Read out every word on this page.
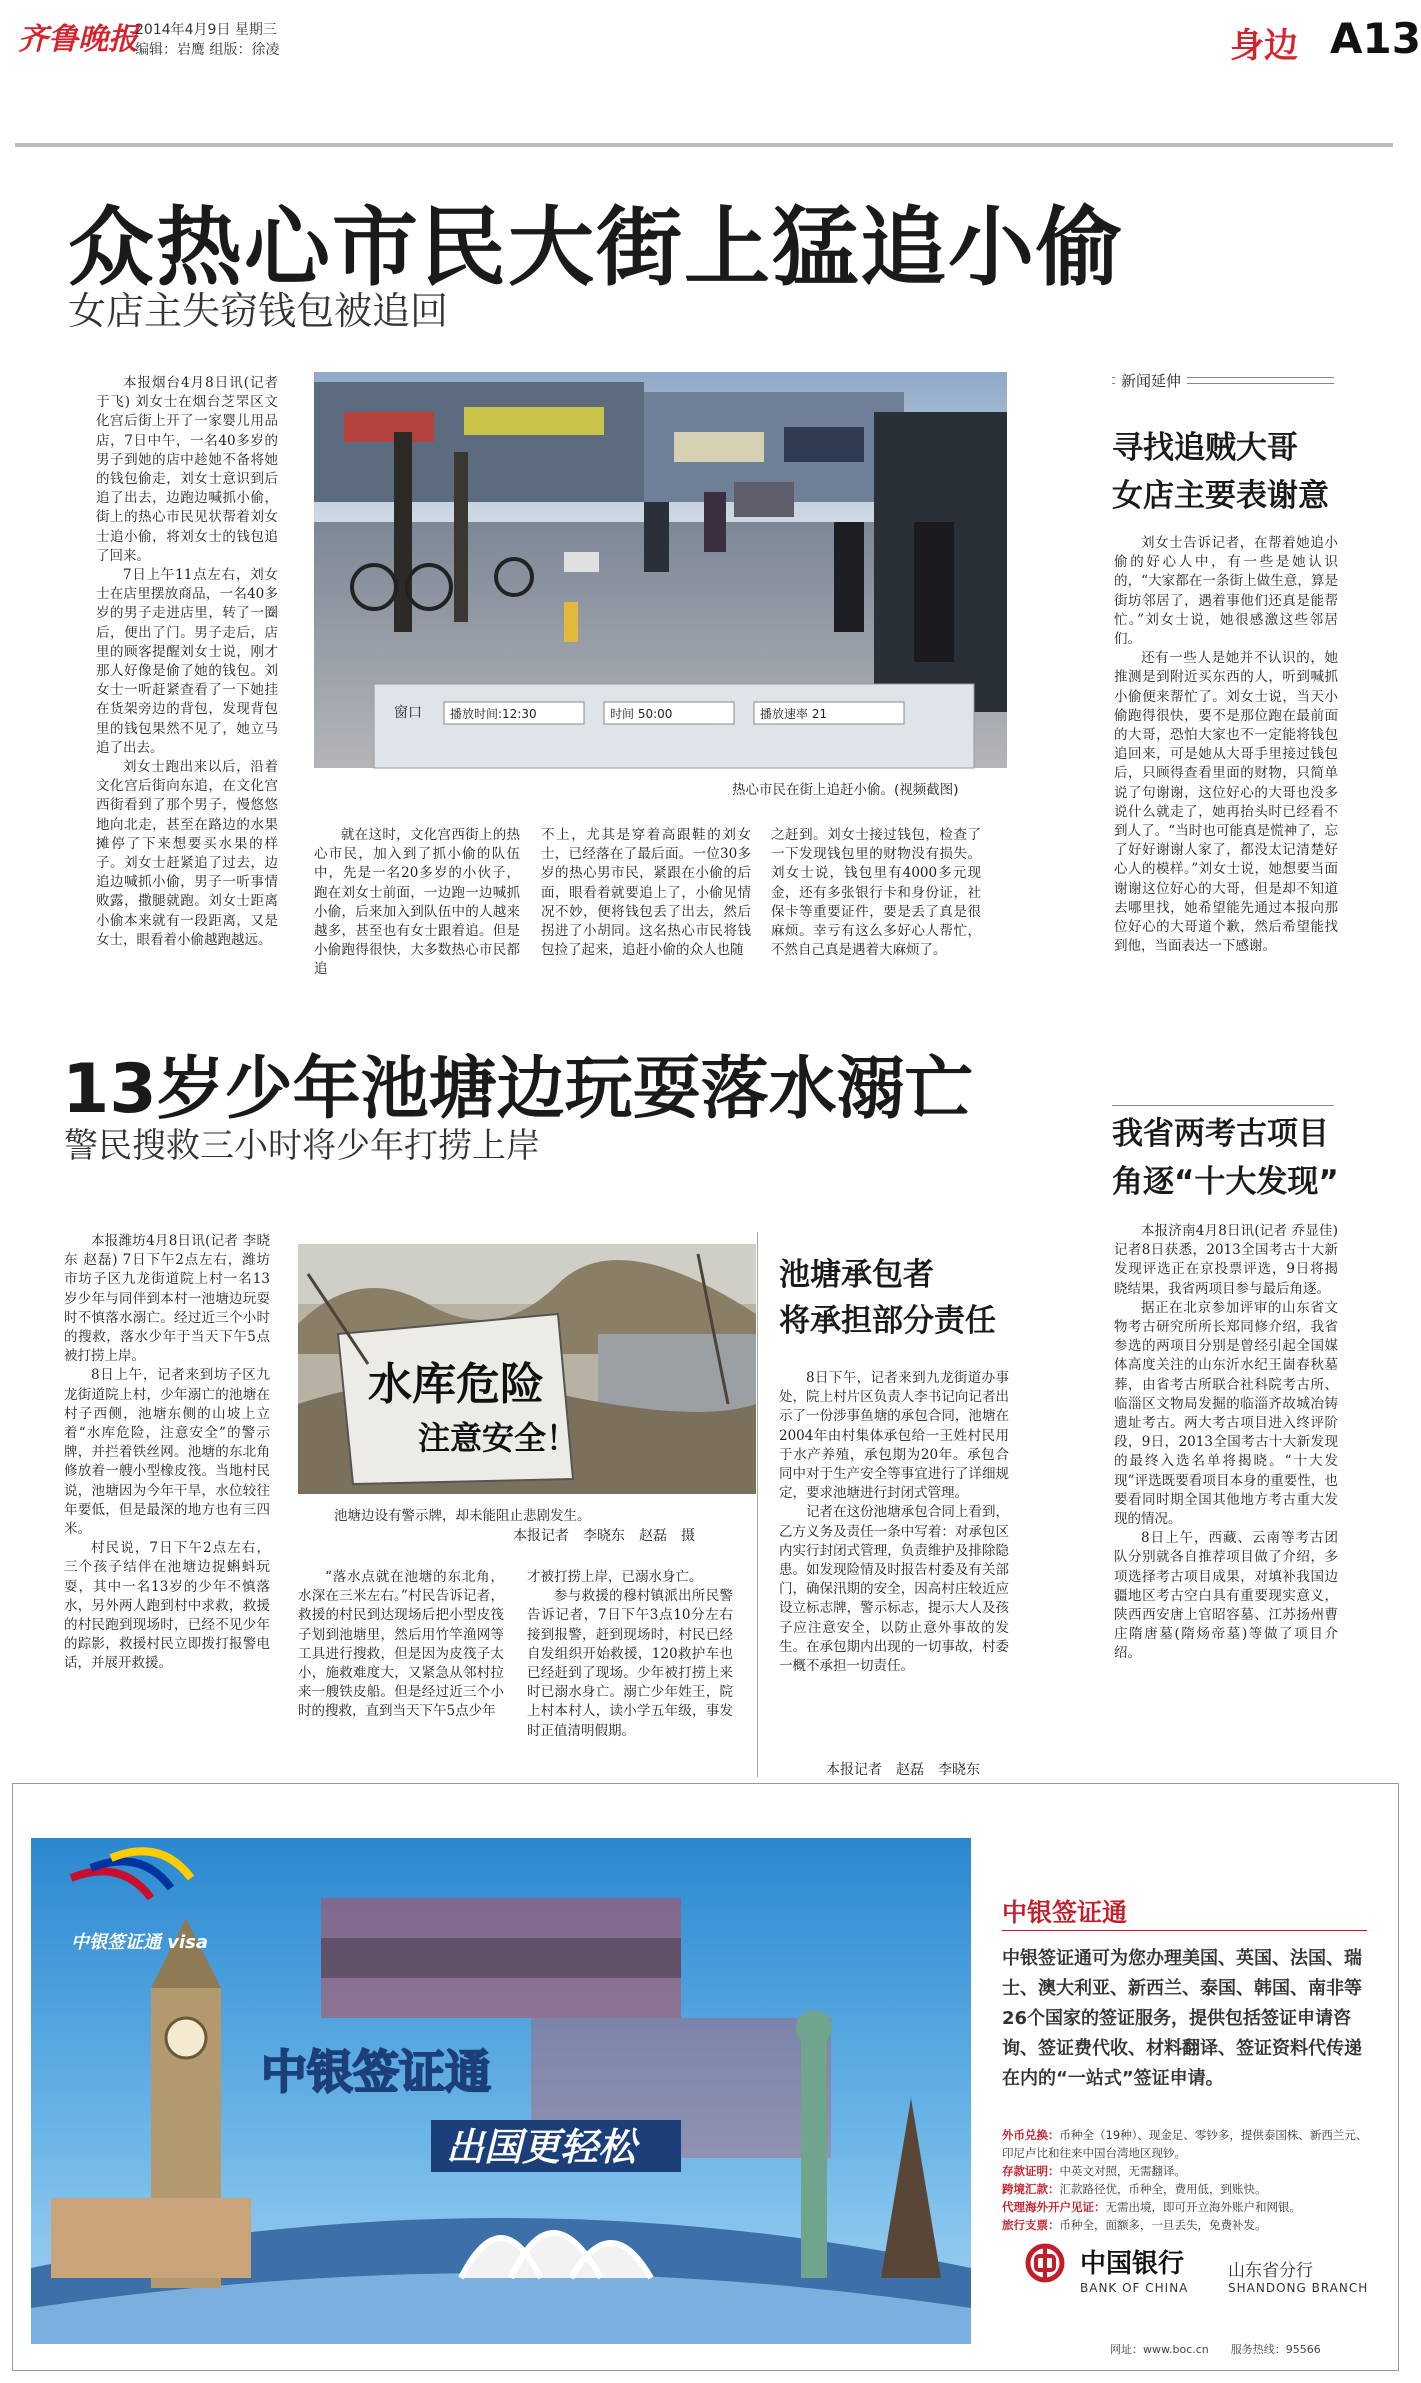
齐鲁晚报
2014年4月9日 星期三
编辑：岩鹰 组版：徐凌	身边 A13
众热心市民大街上猛追小偷
女店主失窃钱包被追回

本报烟台4月8日讯(记者 于飞) 刘女士在烟台芝罘区文化宫后街上开了一家婴儿用品店，7日中午，一名40多岁的男子到她的店中趁她不备将她的钱包偷走，刘女士意识到后追了出去，边跑边喊抓小偷，街上的热心市民见状帮着刘女士追小偷，将刘女士的钱包追了回来。

7日上午11点左右，刘女士在店里摆放商品，一名40多岁的男子走进店里，转了一圈后，便出了门。男子走后，店里的顾客提醒刘女士说，刚才那人好像是偷了她的钱包。刘女士一听赶紧查看了一下她挂在货架旁边的背包，发现背包里的钱包果然不见了，她立马追了出去。

刘女士跑出来以后，沿着文化宫后街向东追，在文化宫西街看到了那个男子，慢悠悠地向北走，甚至在路边的水果摊停了下来想要买水果的样子。刘女士赶紧追了过去，边追边喊抓小偷，男子一听事情败露，撒腿就跑。刘女士距离小偷本来就有一段距离，又是女士，眼看着小偷越跑越远。

窗口 播放时间:12:30	时间 50:00	播放速率 21
热心市民在街上追赶小偷。(视频截图)

就在这时，文化宫西街上的热心市民，加入到了抓小偷的队伍中，先是一名20多岁的小伙子，跑在刘女士前面，一边跑一边喊抓小偷，后来加入到队伍中的人越来越多，甚至也有女士跟着追。但是小偷跑得很快，大多数热心市民都追

不上，尤其是穿着高跟鞋的刘女士，已经落在了最后面。一位30多岁的热心男市民，紧跟在小偷的后面，眼看着就要追上了，小偷见情况不妙，便将钱包丢了出去，然后拐进了小胡同。这名热心市民将钱包捡了起来，追赶小偷的众人也随

之赶到。刘女士接过钱包，检查了一下发现钱包里的财物没有损失。刘女士说，钱包里有4000多元现金，还有多张银行卡和身份证，社保卡等重要证件，要是丢了真是很麻烦。幸亏有这么多好心人帮忙，不然自己真是遇着大麻烦了。

新闻延伸
寻找追贼大哥
女店主要表谢意

刘女士告诉记者，在帮着她追小偷的好心人中，有一些是她认识的，“大家都在一条街上做生意，算是街坊邻居了，遇着事他们还真是能帮忙。”刘女士说，她很感激这些邻居们。

还有一些人是她并不认识的，她推测是到附近买东西的人，听到喊抓小偷便来帮忙了。刘女士说，当天小偷跑得很快，要不是那位跑在最前面的大哥，恐怕大家也不一定能将钱包追回来，可是她从大哥手里接过钱包后，只顾得查看里面的财物，只简单说了句谢谢，这位好心的大哥也没多说什么就走了，她再抬头时已经看不到人了。“当时也可能真是慌神了，忘了好好谢谢人家了，都没太记清楚好心人的模样。”刘女士说，她想要当面谢谢这位好心的大哥，但是却不知道去哪里找，她希望能先通过本报向那位好心的大哥道个歉，然后希望能找到他，当面表达一下感谢。

13岁少年池塘边玩耍落水溺亡
警民搜救三小时将少年打捞上岸

本报潍坊4月8日讯(记者 李晓东 赵磊) 7日下午2点左右，潍坊市坊子区九龙街道院上村一名13岁少年与同伴到本村一池塘边玩耍时不慎落水溺亡。经过近三个小时的搜救，落水少年于当天下午5点被打捞上岸。

8日上午，记者来到坊子区九龙街道院上村，少年溺亡的池塘在村子西侧，池塘东侧的山坡上立着“水库危险，注意安全”的警示牌，并拦着铁丝网。池塘的东北角修放着一艘小型橡皮筏。当地村民说，池塘因为今年干旱，水位较往年要低，但是最深的地方也有三四米。

村民说，7日下午2点左右，三个孩子结伴在池塘边捉蝌蚪玩耍，其中一名13岁的少年不慎落水，另外两人跑到村中求救，救援的村民跑到现场时，已经不见少年的踪影，救援村民立即拨打报警电话，并展开救援。

水库危险
注意安全！
池塘边设有警示牌，却未能阻止悲剧发生。
本报记者　李晓东　赵磊　摄

“落水点就在池塘的东北角，水深在三米左右。”村民告诉记者，救援的村民到达现场后把小型皮筏子划到池塘里，然后用竹竿渔网等工具进行搜救，但是因为皮筏子太小，施救难度大，又紧急从邻村拉来一艘铁皮船。但是经过近三个小时的搜救，直到当天下午5点少年

才被打捞上岸，已溺水身亡。

参与救援的穆村镇派出所民警告诉记者，7日下午3点10分左右接到报警，赶到现场时，村民已经自发组织开始救援，120救护车也已经赶到了现场。少年被打捞上来时已溺水身亡。溺亡少年姓王，院上村本村人，读小学五年级，事发时正值清明假期。

池塘承包者
将承担部分责任

8日下午，记者来到九龙街道办事处，院上村片区负责人李书记向记者出示了一份涉事鱼塘的承包合同，池塘在2004年由村集体承包给一王姓村民用于水产养殖，承包期为20年。承包合同中对于生产安全等事宜进行了详细规定，要求池塘进行封闭式管理。

记者在这份池塘承包合同上看到，乙方义务及责任一条中写着：对承包区内实行封闭式管理，负责维护及排除隐患。如发现险情及时报告村委及有关部门，确保汛期的安全，因高村庄较近应设立标志牌，警示标志，提示大人及孩子应注意安全，以防止意外事故的发生。在承包期内出现的一切事故，村委一概不承担一切责任。

本报记者　赵磊　李晓东
我省两考古项目
角逐“十大发现”

本报济南4月8日讯(记者 乔显佳) 记者8日获悉，2013全国考古十大新发现评选正在京投票评选，9日将揭晓结果，我省两项目参与最后角逐。

据正在北京参加评审的山东省文物考古研究所所长郑同修介绍，我省参选的两项目分别是曾经引起全国媒体高度关注的山东沂水纪王崮春秋墓葬，由省考古所联合社科院考古所、临淄区文物局发掘的临淄齐故城冶铸遗址考古。两大考古项目进入终评阶段，9日，2013全国考古十大新发现的最终入选名单将揭晓。“十大发现”评选既要看项目本身的重要性，也要看同时期全国其他地方考古重大发现的情况。

8日上午，西藏、云南等考古团队分别就各自推荐项目做了介绍，多项选择考古项目成果，对填补我国边疆地区考古空白具有重要现实意义，陕西西安唐上官昭容墓、江苏扬州曹庄隋唐墓(隋炀帝墓)等做了项目介绍。

中银签证通 visa
中银签证通
出国更轻松
中银签证通
中银签证通可为您办理美国、英国、法国、瑞士、澳大利亚、新西兰、泰国、韩国、南非等26个国家的签证服务，提供包括签证申请咨询、签证费代收、材料翻译、签证资料代传递在内的“一站式”签证申请。
外币兑换：币种全（19种）、现金足、零钞多，提供泰国株、新西兰元、印尼卢比和往来中国台湾地区现钞。
存款证明：中英文对照，无需翻译。
跨境汇款：汇款路径优，币种全，费用低，到账快。
代理海外开户见证：无需出境，即可开立海外账户和网银。
旅行支票：币种全，面额多，一旦丢失，免费补发。
中国银行
BANK OF CHINA
山东省分行
SHANDONG BRANCH
网址：www.boc.cn　　服务热线：95566
